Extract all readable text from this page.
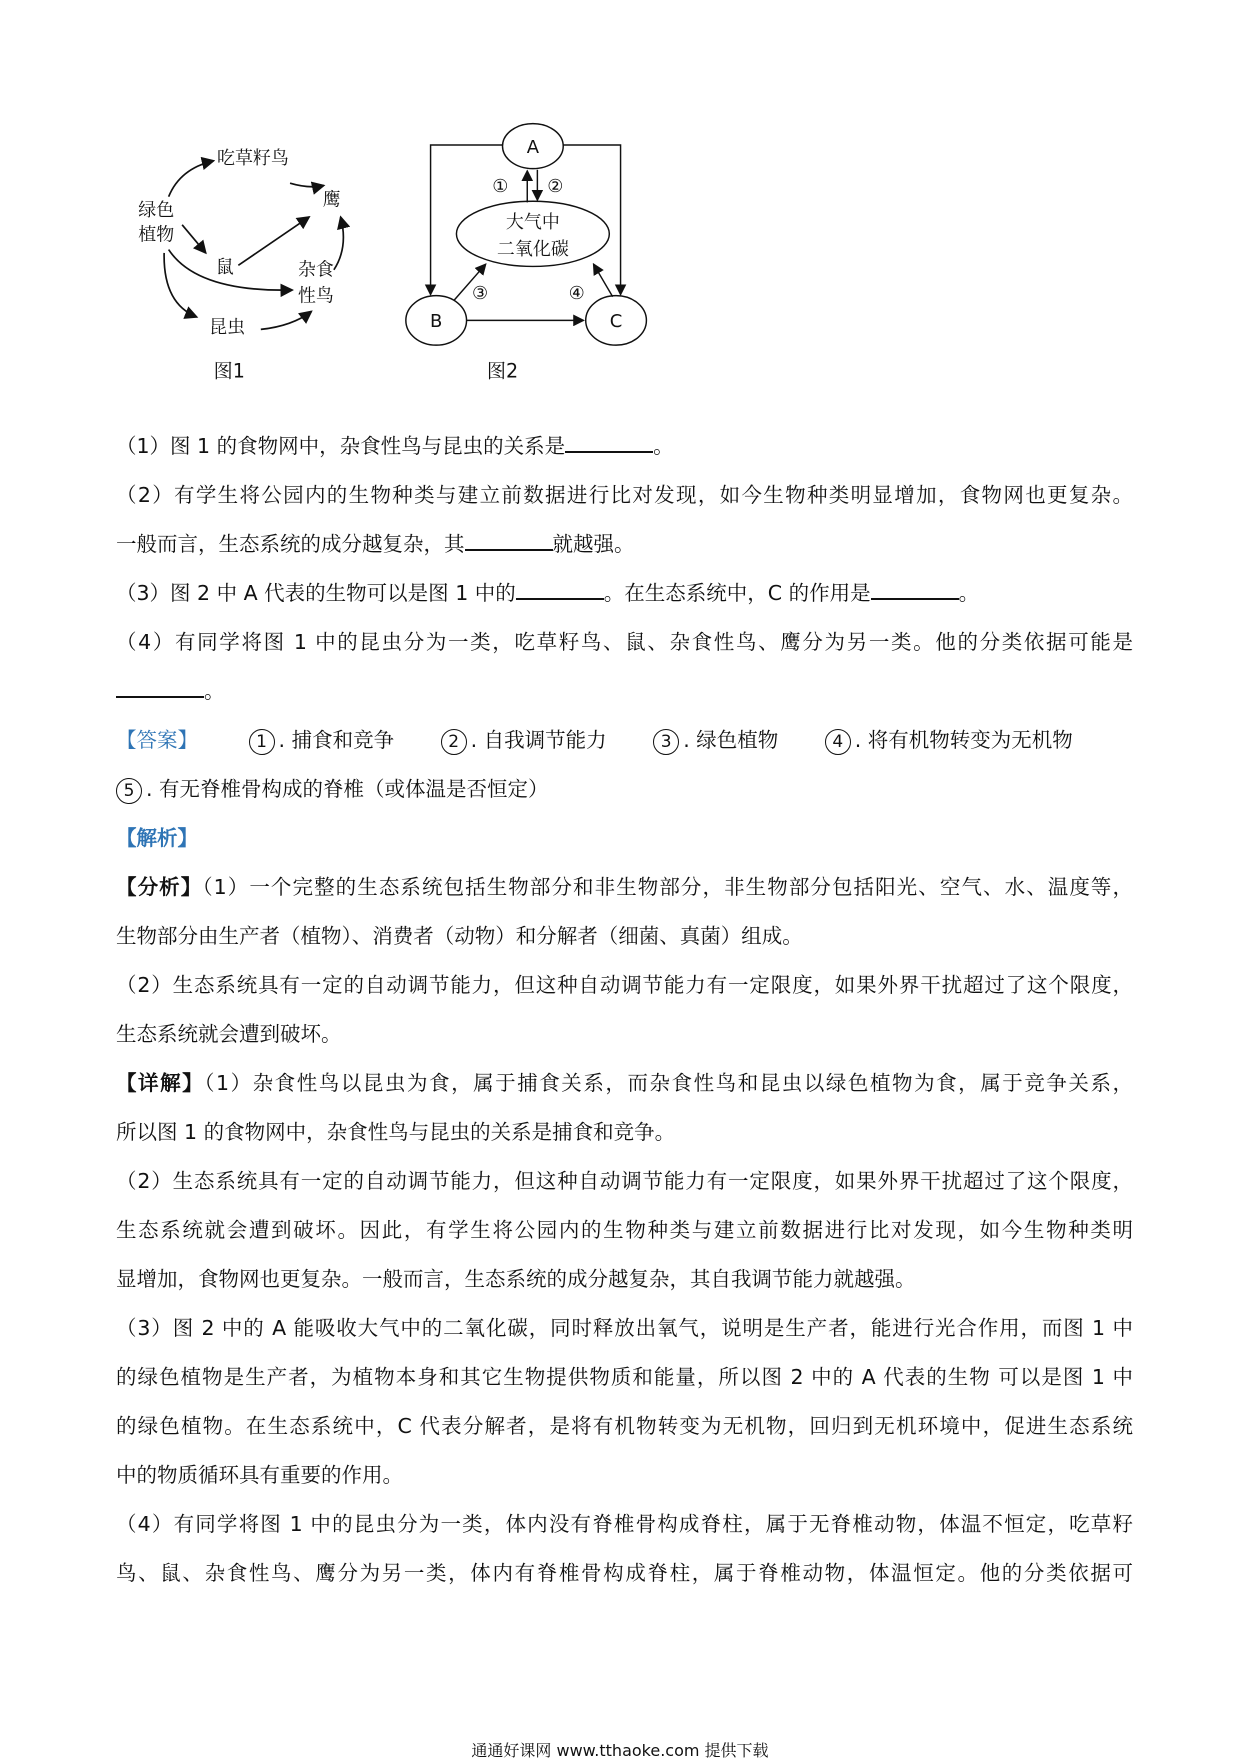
吃草籽鸟
鹰
绿色
植物
鼠	杂食
性鸟
昆虫
图1
A
大气中
二氧化碳
B	C
① ②
③	④
图2
（1）图 1 的食物网中，杂食性鸟与昆虫的关系是	。
（2）有学生将公园内的生物种类与建立前数据进行比对发现，如今生物种类明显增加，食物网也更复杂。
一般而言，生态系统的成分越复杂，其	就越强。
（3）图 2 中 A 代表的生物可以是图 1 中的	。在生态系统中，C 的作用是	。
（4）有同学将图 1 中的昆虫分为一类，吃草籽鸟、鼠、杂食性鸟、鹰分为另一类。他的分类依据可能是
。
【答案】	1 . 捕食和竞争	2 . 自我调节能力	3 . 绿色植物	4 . 将有机物转变为无机物
5 . 有无脊椎骨构成的脊椎（或体温是否恒定）
【解析】
【分析】（1）一个完整的生态系统包括生物部分和非生物部分，非生物部分包括阳光、空气、水、温度等，
生物部分由生产者（植物）、消费者（动物）和分解者（细菌、真菌）组成。
（2）生态系统具有一定的自动调节能力，但这种自动调节能力有一定限度，如果外界干扰超过了这个限度，
生态系统就会遭到破坏。
【详解】（1）杂食性鸟以昆虫为食，属于捕食关系，而杂食性鸟和昆虫以绿色植物为食，属于竞争关系，
所以图 1 的食物网中，杂食性鸟与昆虫的关系是捕食和竞争。
（2）生态系统具有一定的自动调节能力，但这种自动调节能力有一定限度，如果外界干扰超过了这个限度，
生态系统就会遭到破坏。因此，有学生将公园内的生物种类与建立前数据进行比对发现，如今生物种类明
显增加，食物网也更复杂。一般而言，生态系统的成分越复杂，其自我调节能力就越强。
（3）图 2 中的 A 能吸收大气中的二氧化碳，同时释放出氧气，说明是生产者，能进行光合作用，而图 1 中
的绿色植物是生产者，为植物本身和其它生物提供物质和能量，所以图 2 中的 A 代表的生物 可以是图 1 中
的绿色植物。在生态系统中，C 代表分解者，是将有机物转变为无机物，回归到无机环境中，促进生态系统
中的物质循环具有重要的作用。
（4）有同学将图 1 中的昆虫分为一类，体内没有脊椎骨构成脊柱，属于无脊椎动物，体温不恒定，吃草籽
鸟、鼠、杂食性鸟、鹰分为另一类，体内有脊椎骨构成脊柱，属于脊椎动物，体温恒定。他的分类依据可
通通好课网 www.tthaoke.com 提供下载
